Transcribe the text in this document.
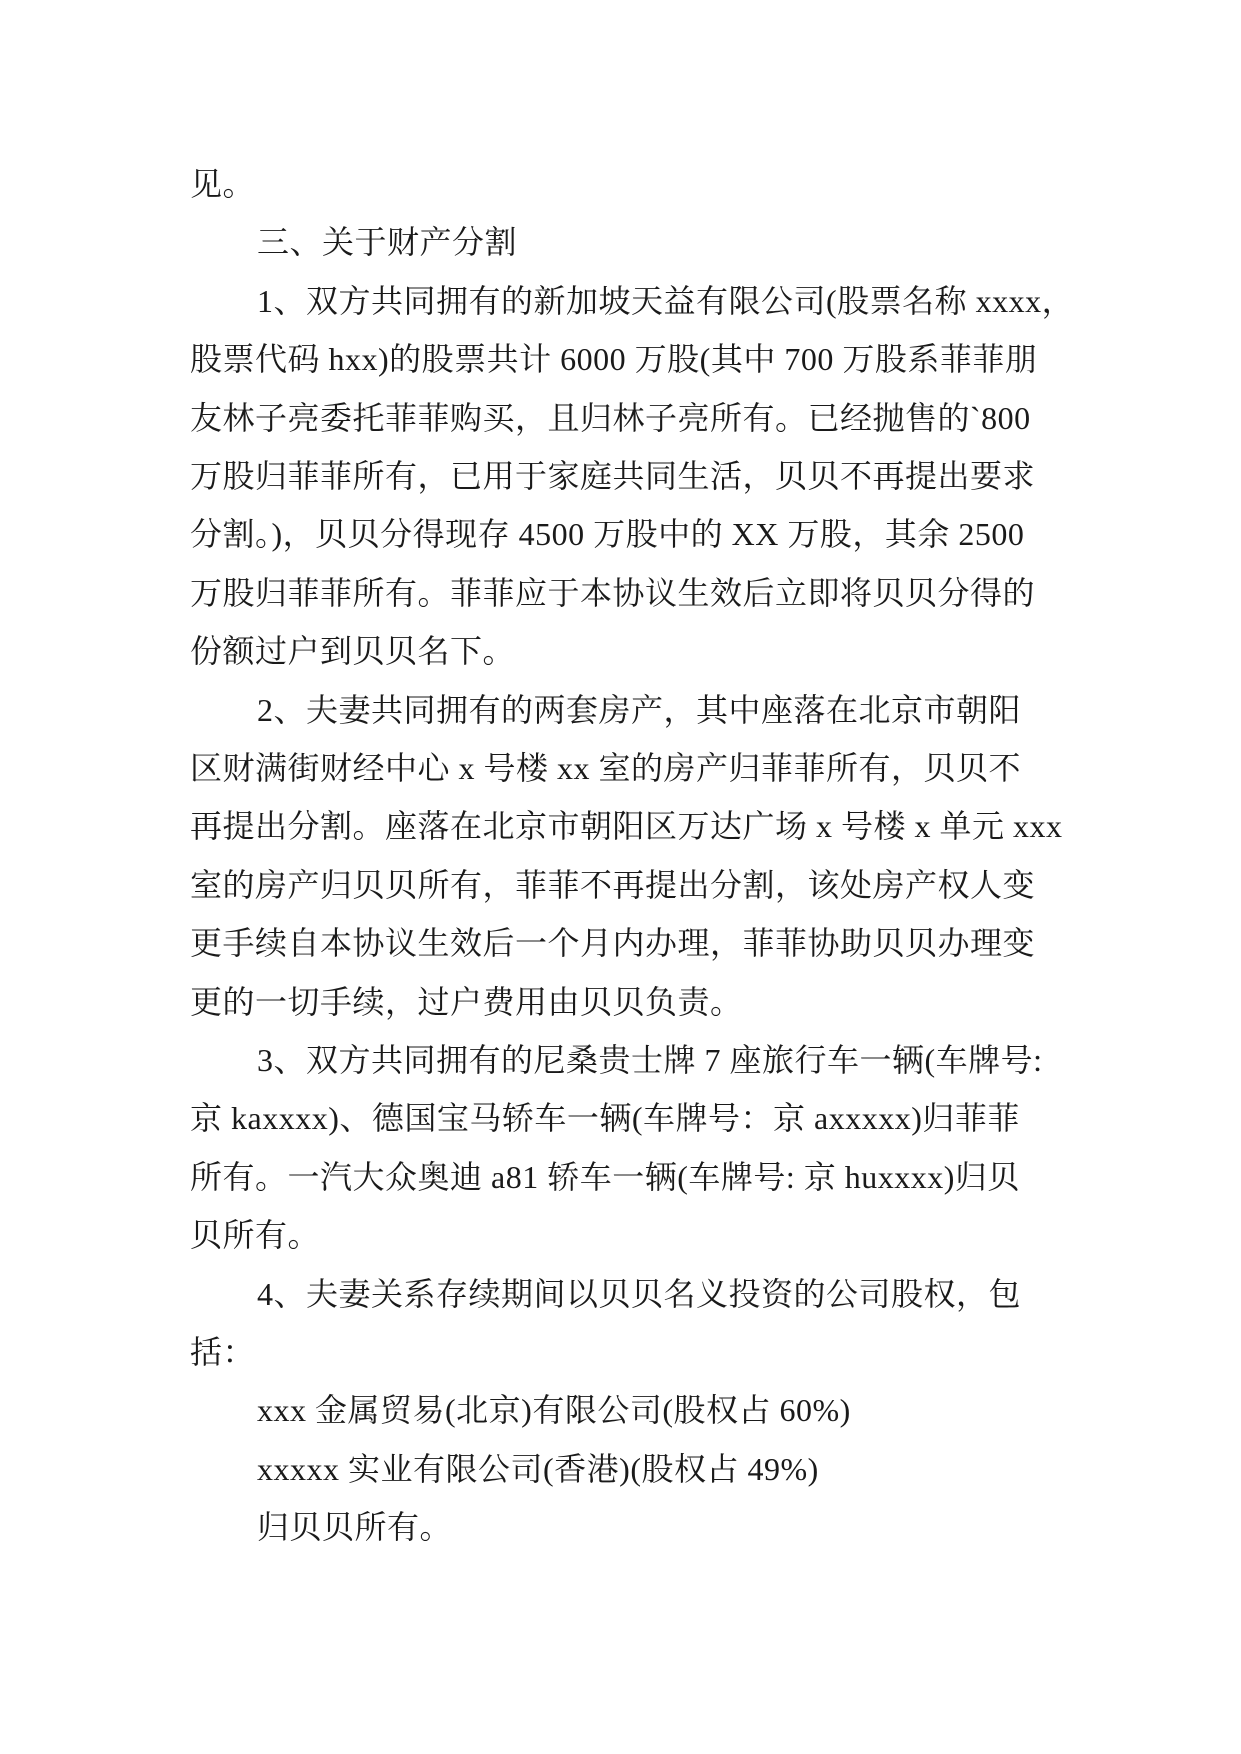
见。
三、关于财产分割
1、双方共同拥有的新加坡天益有限公司(股票名称 xxxx，
股票代码 hxx)的股票共计 6000 万股(其中 700 万股系菲菲朋
友林子亮委托菲菲购买，且归林子亮所有。已经抛售的`800
万股归菲菲所有，已用于家庭共同生活，贝贝不再提出要求
分割。)，贝贝分得现存 4500 万股中的 XX 万股，其余 2500
万股归菲菲所有。菲菲应于本协议生效后立即将贝贝分得的
份额过户到贝贝名下。
2、夫妻共同拥有的两套房产，其中座落在北京市朝阳
区财满街财经中心 x 号楼 xx 室的房产归菲菲所有，贝贝不
再提出分割。座落在北京市朝阳区万达广场 x 号楼 x 单元 xxx
室的房产归贝贝所有，菲菲不再提出分割，该处房产权人变
更手续自本协议生效后一个月内办理，菲菲协助贝贝办理变
更的一切手续，过户费用由贝贝负责。
3、双方共同拥有的尼桑贵士牌 7 座旅行车一辆(车牌号:
京 kaxxxx)、德国宝马轿车一辆(车牌号：京 axxxxx)归菲菲
所有。一汽大众奥迪 a81 轿车一辆(车牌号: 京 huxxxx)归贝
贝所有。
4、夫妻关系存续期间以贝贝名义投资的公司股权，包
括：
xxx 金属贸易(北京)有限公司(股权占 60%)
xxxxx 实业有限公司(香港)(股权占 49%)
归贝贝所有。
